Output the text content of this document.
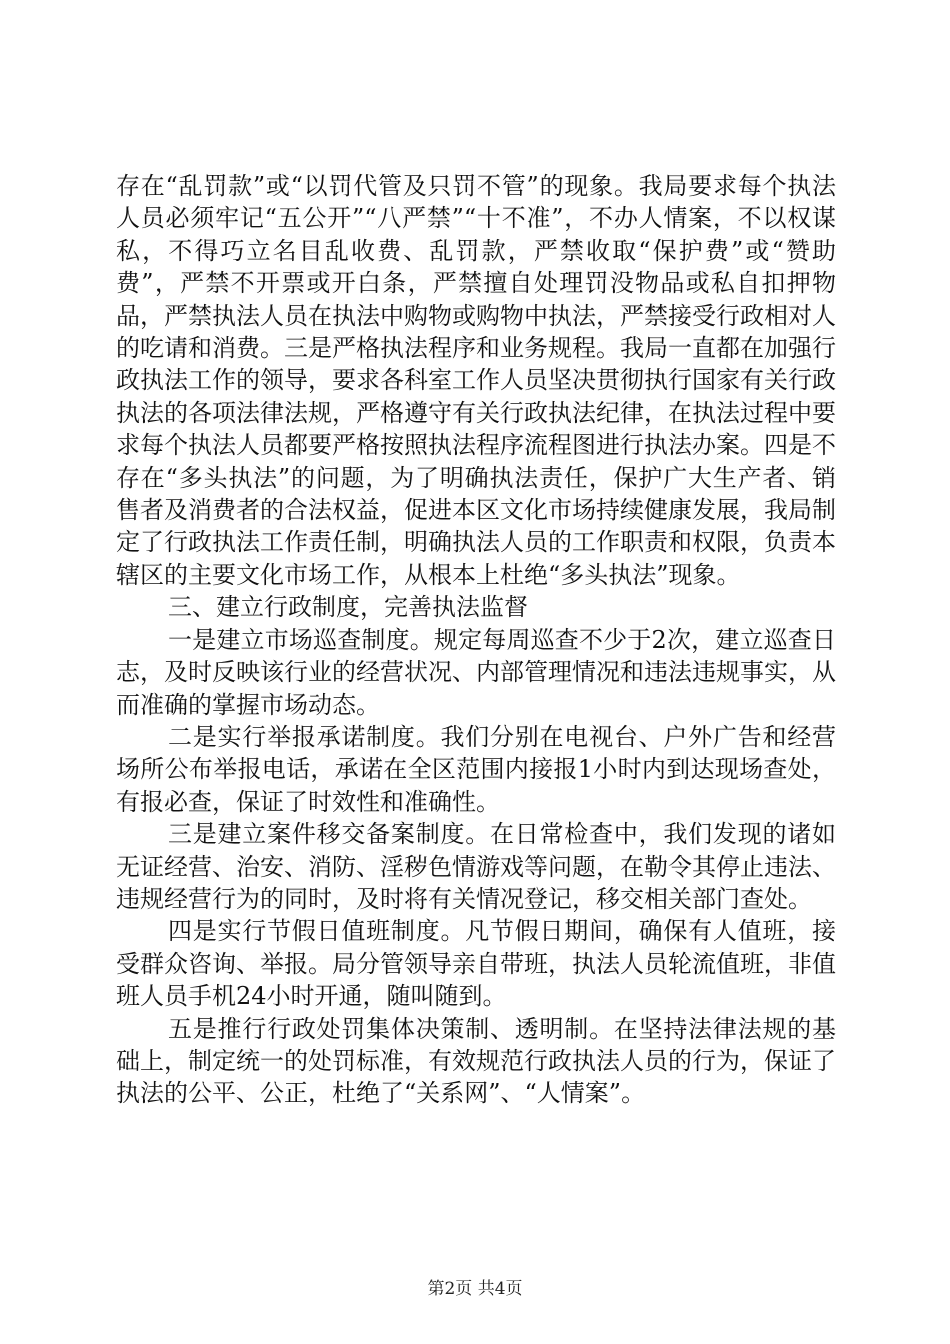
存在“乱罚款”或“以罚代管及只罚不管”的现象。我局要求每个执法人员必须牢记“五公开”“八严禁”“十不准”，不办人情案，不以权谋私，不得巧立名目乱收费、乱罚款，严禁收取“保护费”或“赞助费”，严禁不开票或开白条，严禁擅自处理罚没物品或私自扣押物品，严禁执法人员在执法中购物或购物中执法，严禁接受行政相对人的吃请和消费。三是严格执法程序和业务规程。我局一直都在加强行政执法工作的领导，要求各科室工作人员坚决贯彻执行国家有关行政执法的各项法律法规，严格遵守有关行政执法纪律，在执法过程中要求每个执法人员都要严格按照执法程序流程图进行执法办案。四是不存在“多头执法”的问题，为了明确执法责任，保护广大生产者、销售者及消费者的合法权益，促进本区文化市场持续健康发展，我局制定了行政执法工作责任制，明确执法人员的工作职责和权限，负责本辖区的主要文化市场工作，从根本上杜绝“多头执法”现象。

三、建立行政制度，完善执法监督

一是建立市场巡查制度。规定每周巡查不少于2次，建立巡查日志，及时反映该行业的经营状况、内部管理情况和违法违规事实，从而准确的掌握市场动态。

二是实行举报承诺制度。我们分别在电视台、户外广告和经营场所公布举报电话，承诺在全区范围内接报1小时内到达现场查处，有报必查，保证了时效性和准确性。

三是建立案件移交备案制度。在日常检查中，我们发现的诸如无证经营、治安、消防、淫秽色情游戏等问题，在勒令其停止违法、违规经营行为的同时，及时将有关情况登记，移交相关部门查处。

四是实行节假日值班制度。凡节假日期间，确保有人值班，接受群众咨询、举报。局分管领导亲自带班，执法人员轮流值班，非值班人员手机24小时开通，随叫随到。

五是推行行政处罚集体决策制、透明制。在坚持法律法规的基础上，制定统一的处罚标准，有效规范行政执法人员的行为，保证了执法的公平、公正，杜绝了“关系网”、“人情案”。

第2页 共4页
